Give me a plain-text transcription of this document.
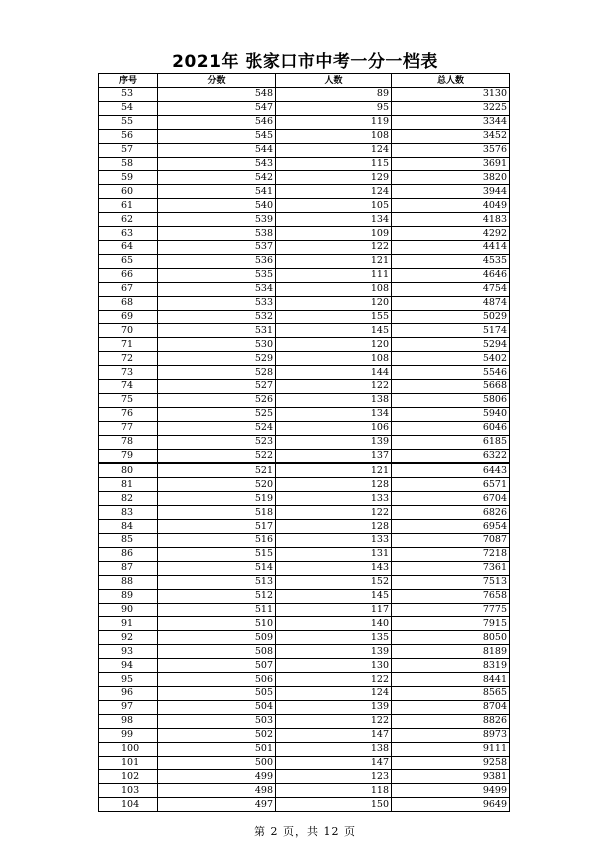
2021年 张家口市中考一分一档表
序号	分数	人数	总人数
53	548	89	3130
54	547	95	3225
55	546	119	3344
56	545	108	3452
57	544	124	3576
58	543	115	3691
59	542	129	3820
60	541	124	3944
61	540	105	4049
62	539	134	4183
63	538	109	4292
64	537	122	4414
65	536	121	4535
66	535	111	4646
67	534	108	4754
68	533	120	4874
69	532	155	5029
70	531	145	5174
71	530	120	5294
72	529	108	5402
73	528	144	5546
74	527	122	5668
75	526	138	5806
76	525	134	5940
77	524	106	6046
78	523	139	6185
79	522	137	6322
80	521	121	6443
81	520	128	6571
82	519	133	6704
83	518	122	6826
84	517	128	6954
85	516	133	7087
86	515	131	7218
87	514	143	7361
88	513	152	7513
89	512	145	7658
90	511	117	7775
91	510	140	7915
92	509	135	8050
93	508	139	8189
94	507	130	8319
95	506	122	8441
96	505	124	8565
97	504	139	8704
98	503	122	8826
99	502	147	8973
100	501	138	9111
101	500	147	9258
102	499	123	9381
103	498	118	9499
104	497	150	9649
第 2 页，共 12 页
